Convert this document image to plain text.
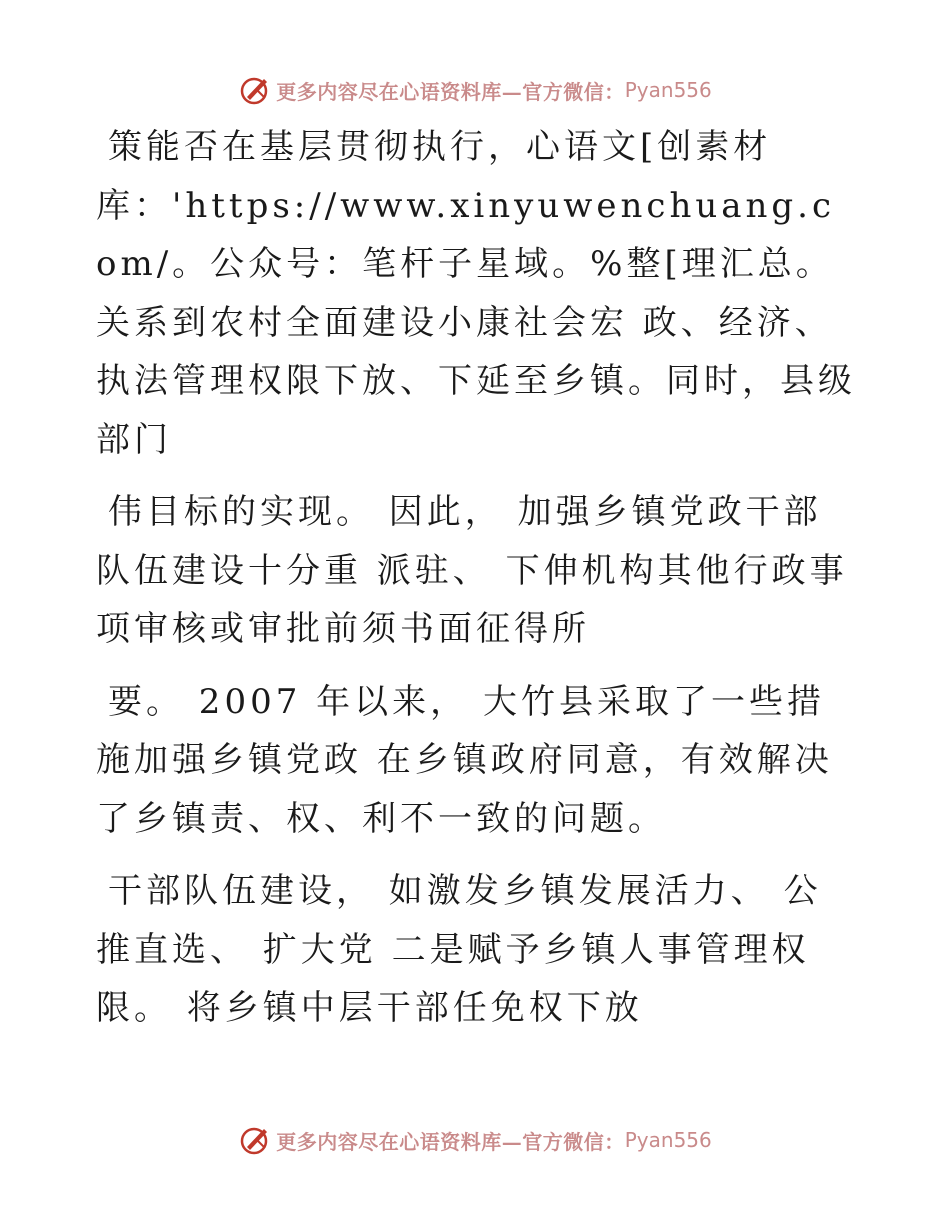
更多内容尽在心语资料库—官方微信： Pyan556

策能否在基层贯彻执行，心语文[创素材库：'https://www.xinyuwenchuang.com/。公众号：笔杆子星域。%整[理汇总。 关系到农村全面建设小康社会宏 政、经济、执法管理权限下放、下延至乡镇。同时，县级部门

伟目标的实现。 因此， 加强乡镇党政干部队伍建设十分重 派驻、 下伸机构其他行政事项审核或审批前须书面征得所

要。 2007 年以来， 大竹县采取了一些措施加强乡镇党政 在乡镇政府同意，有效解决了乡镇责、权、利不一致的问题。

干部队伍建设， 如激发乡镇发展活力、 公推直选、 扩大党 二是赋予乡镇人事管理权限。 将乡镇中层干部任免权下放

更多内容尽在心语资料库—官方微信： Pyan556
